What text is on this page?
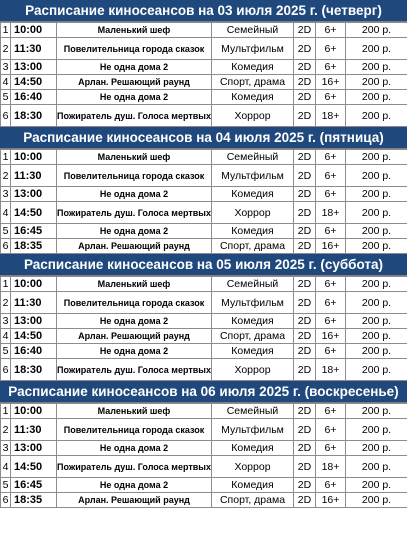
Расписание киносеансов на 03 июля 2025 г. (четверг)
1	10:00	Маленький шеф	Семейный	2D	6+	200 р.
2	11:30	Повелительница города сказок	Мультфильм	2D	6+	200 р.
3	13:00	Не одна дома 2	Комедия	2D	6+	200 р.
4	14:50	Арлан. Решающий раунд	Спорт, драма	2D	16+	200 р.
5	16:40	Не одна дома 2	Комедия	2D	6+	200 р.
6	18:30	Пожиратель душ. Голоса мертвых	Хоррор	2D	18+	200 р.
Расписание киносеансов на 04 июля 2025 г. (пятница)
1	10:00	Маленький шеф	Семейный	2D	6+	200 р.
2	11:30	Повелительница города сказок	Мультфильм	2D	6+	200 р.
3	13:00	Не одна дома 2	Комедия	2D	6+	200 р.
4	14:50	Пожиратель душ. Голоса мертвых	Хоррор	2D	18+	200 р.
5	16:45	Не одна дома 2	Комедия	2D	6+	200 р.
6	18:35	Арлан. Решающий раунд	Спорт, драма	2D	16+	200 р.
Расписание киносеансов на 05 июля 2025 г. (суббота)
1	10:00	Маленький шеф	Семейный	2D	6+	200 р.
2	11:30	Повелительница города сказок	Мультфильм	2D	6+	200 р.
3	13:00	Не одна дома 2	Комедия	2D	6+	200 р.
4	14:50	Арлан. Решающий раунд	Спорт, драма	2D	16+	200 р.
5	16:40	Не одна дома 2	Комедия	2D	6+	200 р.
6	18:30	Пожиратель душ. Голоса мертвых	Хоррор	2D	18+	200 р.
Расписание киносеансов на 06 июля 2025 г. (воскресенье)
1	10:00	Маленький шеф	Семейный	2D	6+	200 р.
2	11:30	Повелительница города сказок	Мультфильм	2D	6+	200 р.
3	13:00	Не одна дома 2	Комедия	2D	6+	200 р.
4	14:50	Пожиратель душ. Голоса мертвых	Хоррор	2D	18+	200 р.
5	16:45	Не одна дома 2	Комедия	2D	6+	200 р.
6	18:35	Арлан. Решающий раунд	Спорт, драма	2D	16+	200 р.
